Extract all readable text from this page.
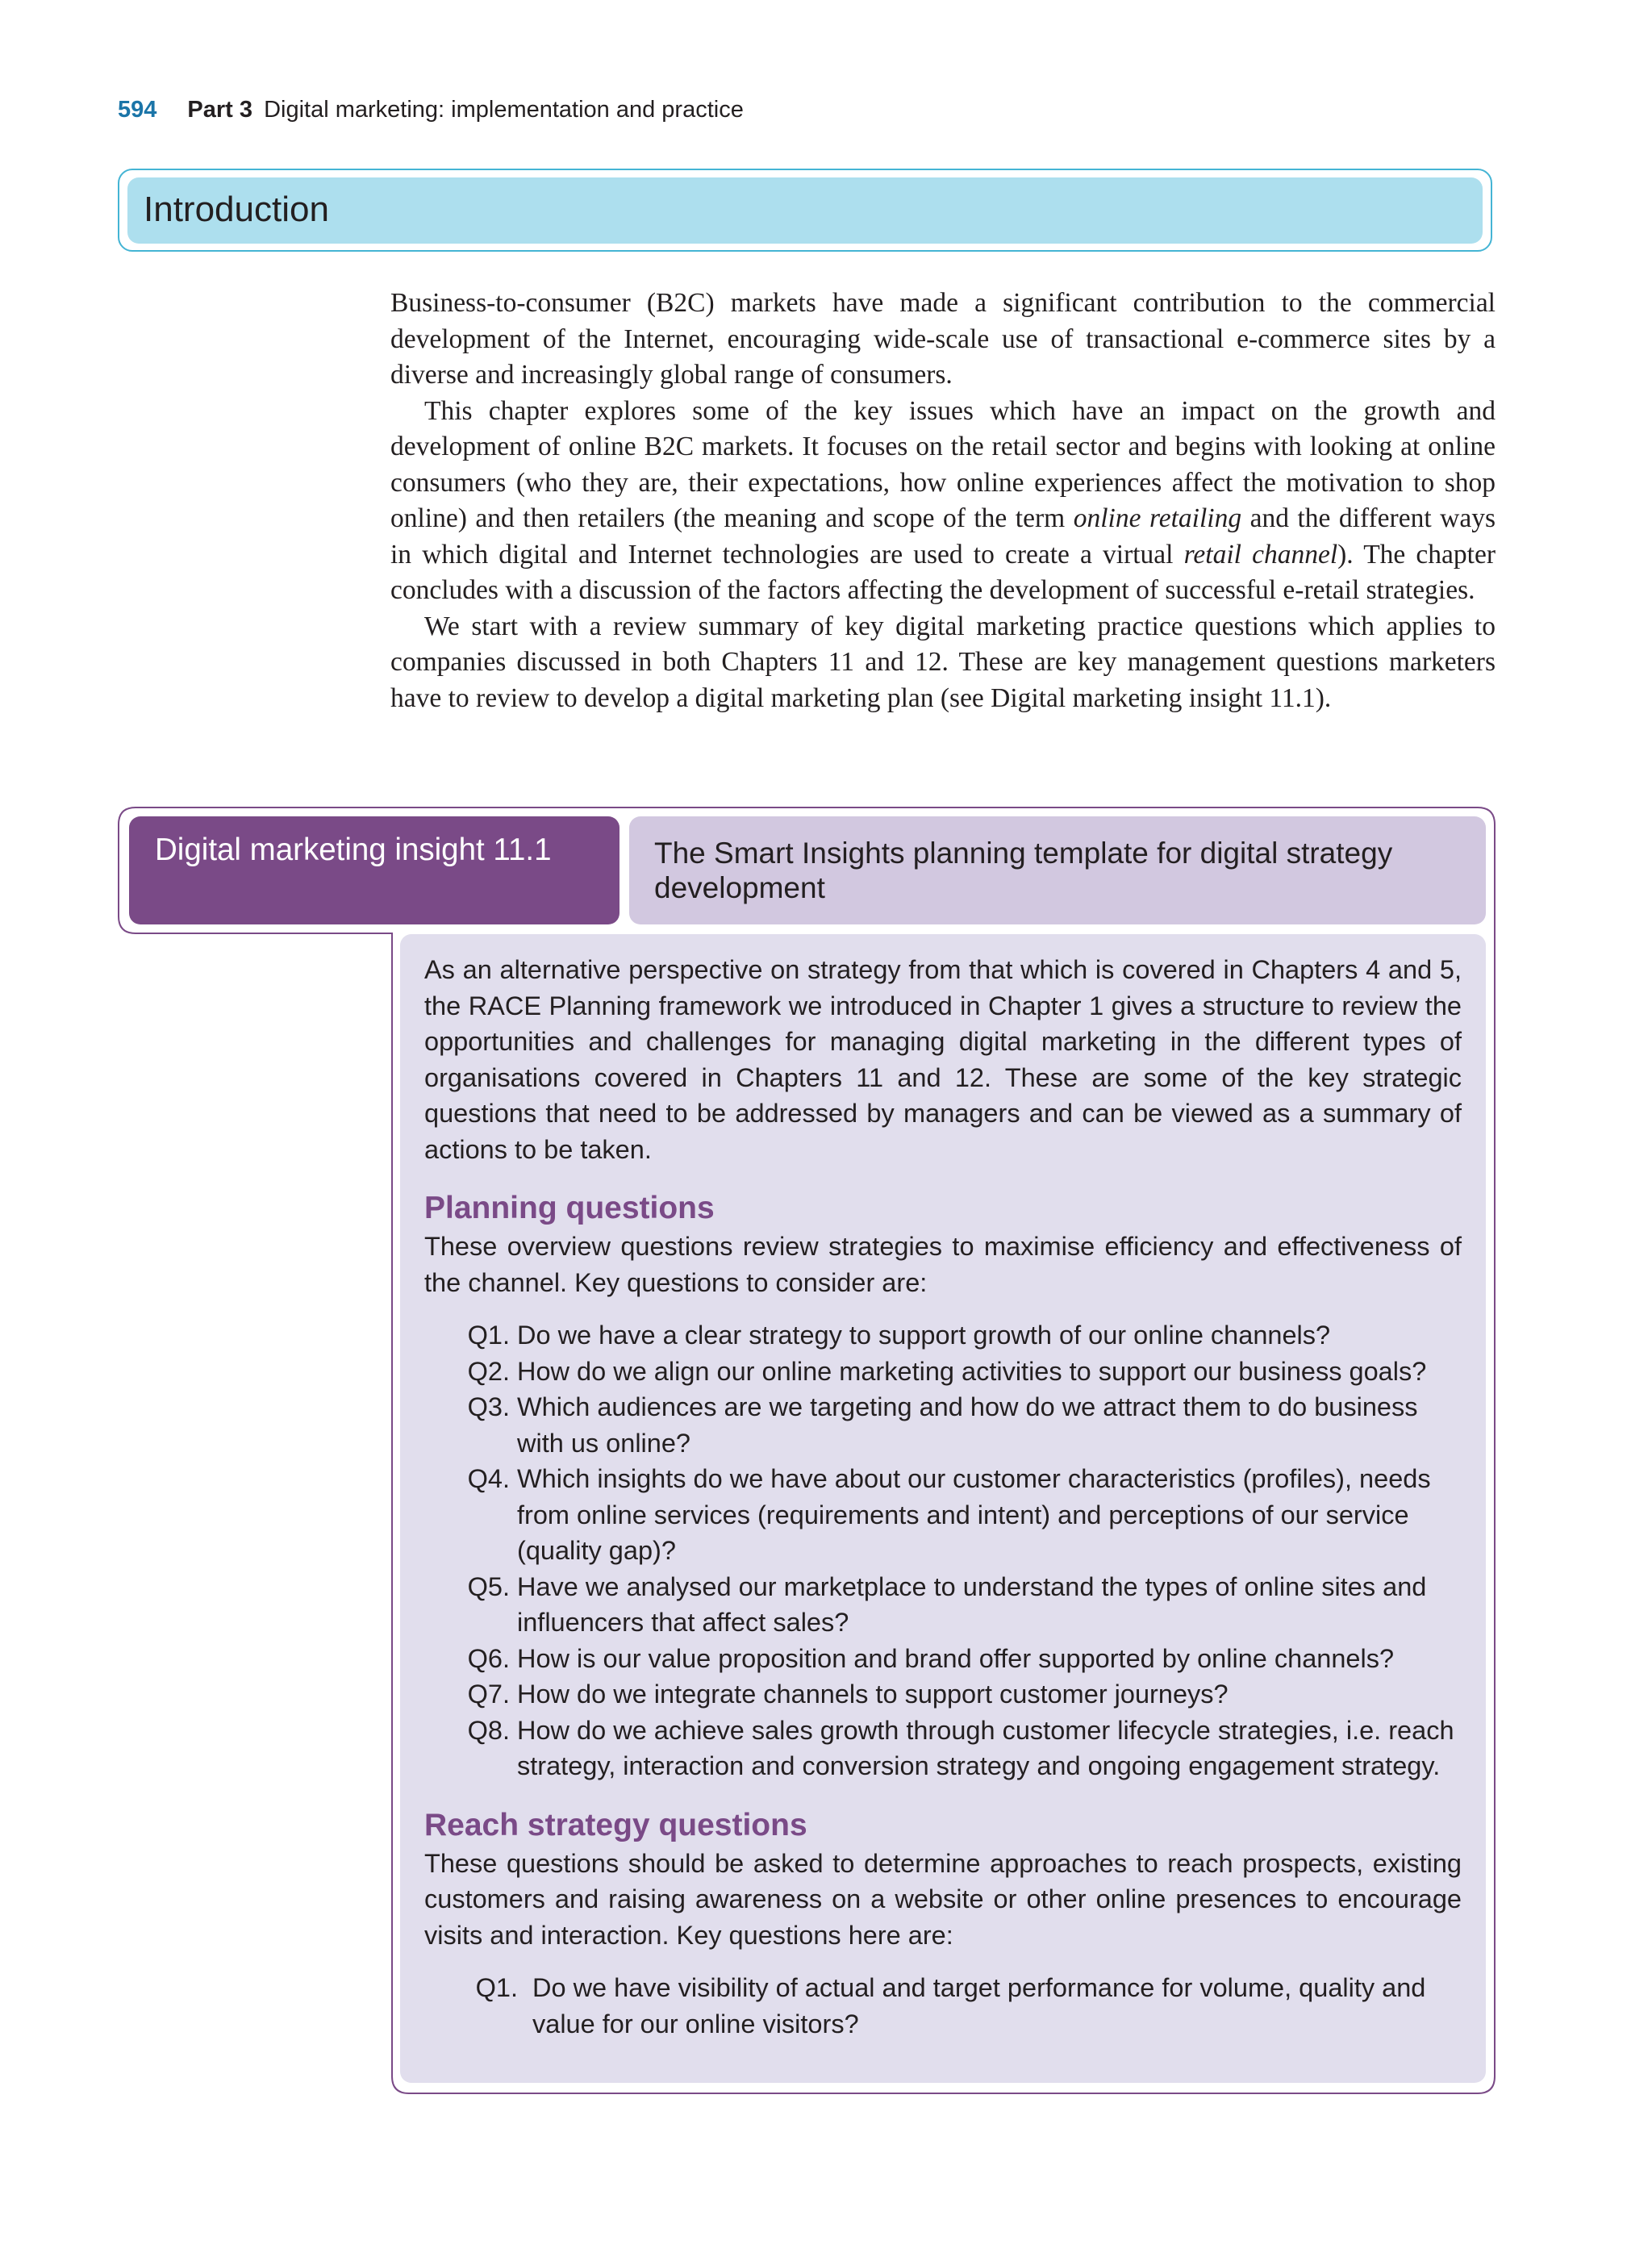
594 Part 3 Digital marketing: implementation and practice
Introduction

Business-to-consumer (B2C) markets have made a significant contribution to the commercial development of the Internet, encouraging wide-scale use of transactional e-commerce sites by a diverse and increasingly global range of consumers.

This chapter explores some of the key issues which have an impact on the growth and development of online B2C markets. It focuses on the retail sector and begins with looking at online consumers (who they are, their expectations, how online experiences affect the motivation to shop online) and then retailers (the meaning and scope of the term online retailing and the different ways in which digital and Internet technologies are used to create a virtual retail channel). The chapter concludes with a discussion of the factors affecting the development of successful e-retail strategies.

We start with a review summary of key digital marketing practice questions which applies to companies discussed in both Chapters 11 and 12. These are key management questions marketers have to review to develop a digital marketing plan (see Digital marketing insight 11.1).

Digital marketing insight 11.1	The Smart Insights planning template for digital strategy development

As an alternative perspective on strategy from that which is covered in Chapters 4 and 5, the RACE Planning framework we introduced in Chapter 1 gives a structure to review the opportunities and challenges for managing digital marketing in the different types of organisations covered in Chapters 11 and 12. These are some of the key strategic questions that need to be addressed by managers and can be viewed as a summary of actions to be taken.

Planning questions

These overview questions review strategies to maximise efficiency and effectiveness of the channel. Key questions to consider are:

Q1. Do we have a clear strategy to support growth of our online channels?
Q2. How do we align our online marketing activities to support our business goals?
Q3. Which audiences are we targeting and how do we attract them to do business with us online?
Q4. Which insights do we have about our customer characteristics (profiles), needs from online services (requirements and intent) and perceptions of our service (quality gap)?
Q5. Have we analysed our marketplace to understand the types of online sites and influencers that affect sales?
Q6. How is our value proposition and brand offer supported by online channels?
Q7. How do we integrate channels to support customer journeys?
Q8. How do we achieve sales growth through customer lifecycle strategies, i.e. reach strategy, interaction and conversion strategy and ongoing engagement strategy.
Reach strategy questions

These questions should be asked to determine approaches to reach prospects, existing customers and raising awareness on a website or other online presences to encourage visits and interaction. Key questions here are:

Q1. Do we have visibility of actual and target performance for volume, quality and value for our online visitors?
